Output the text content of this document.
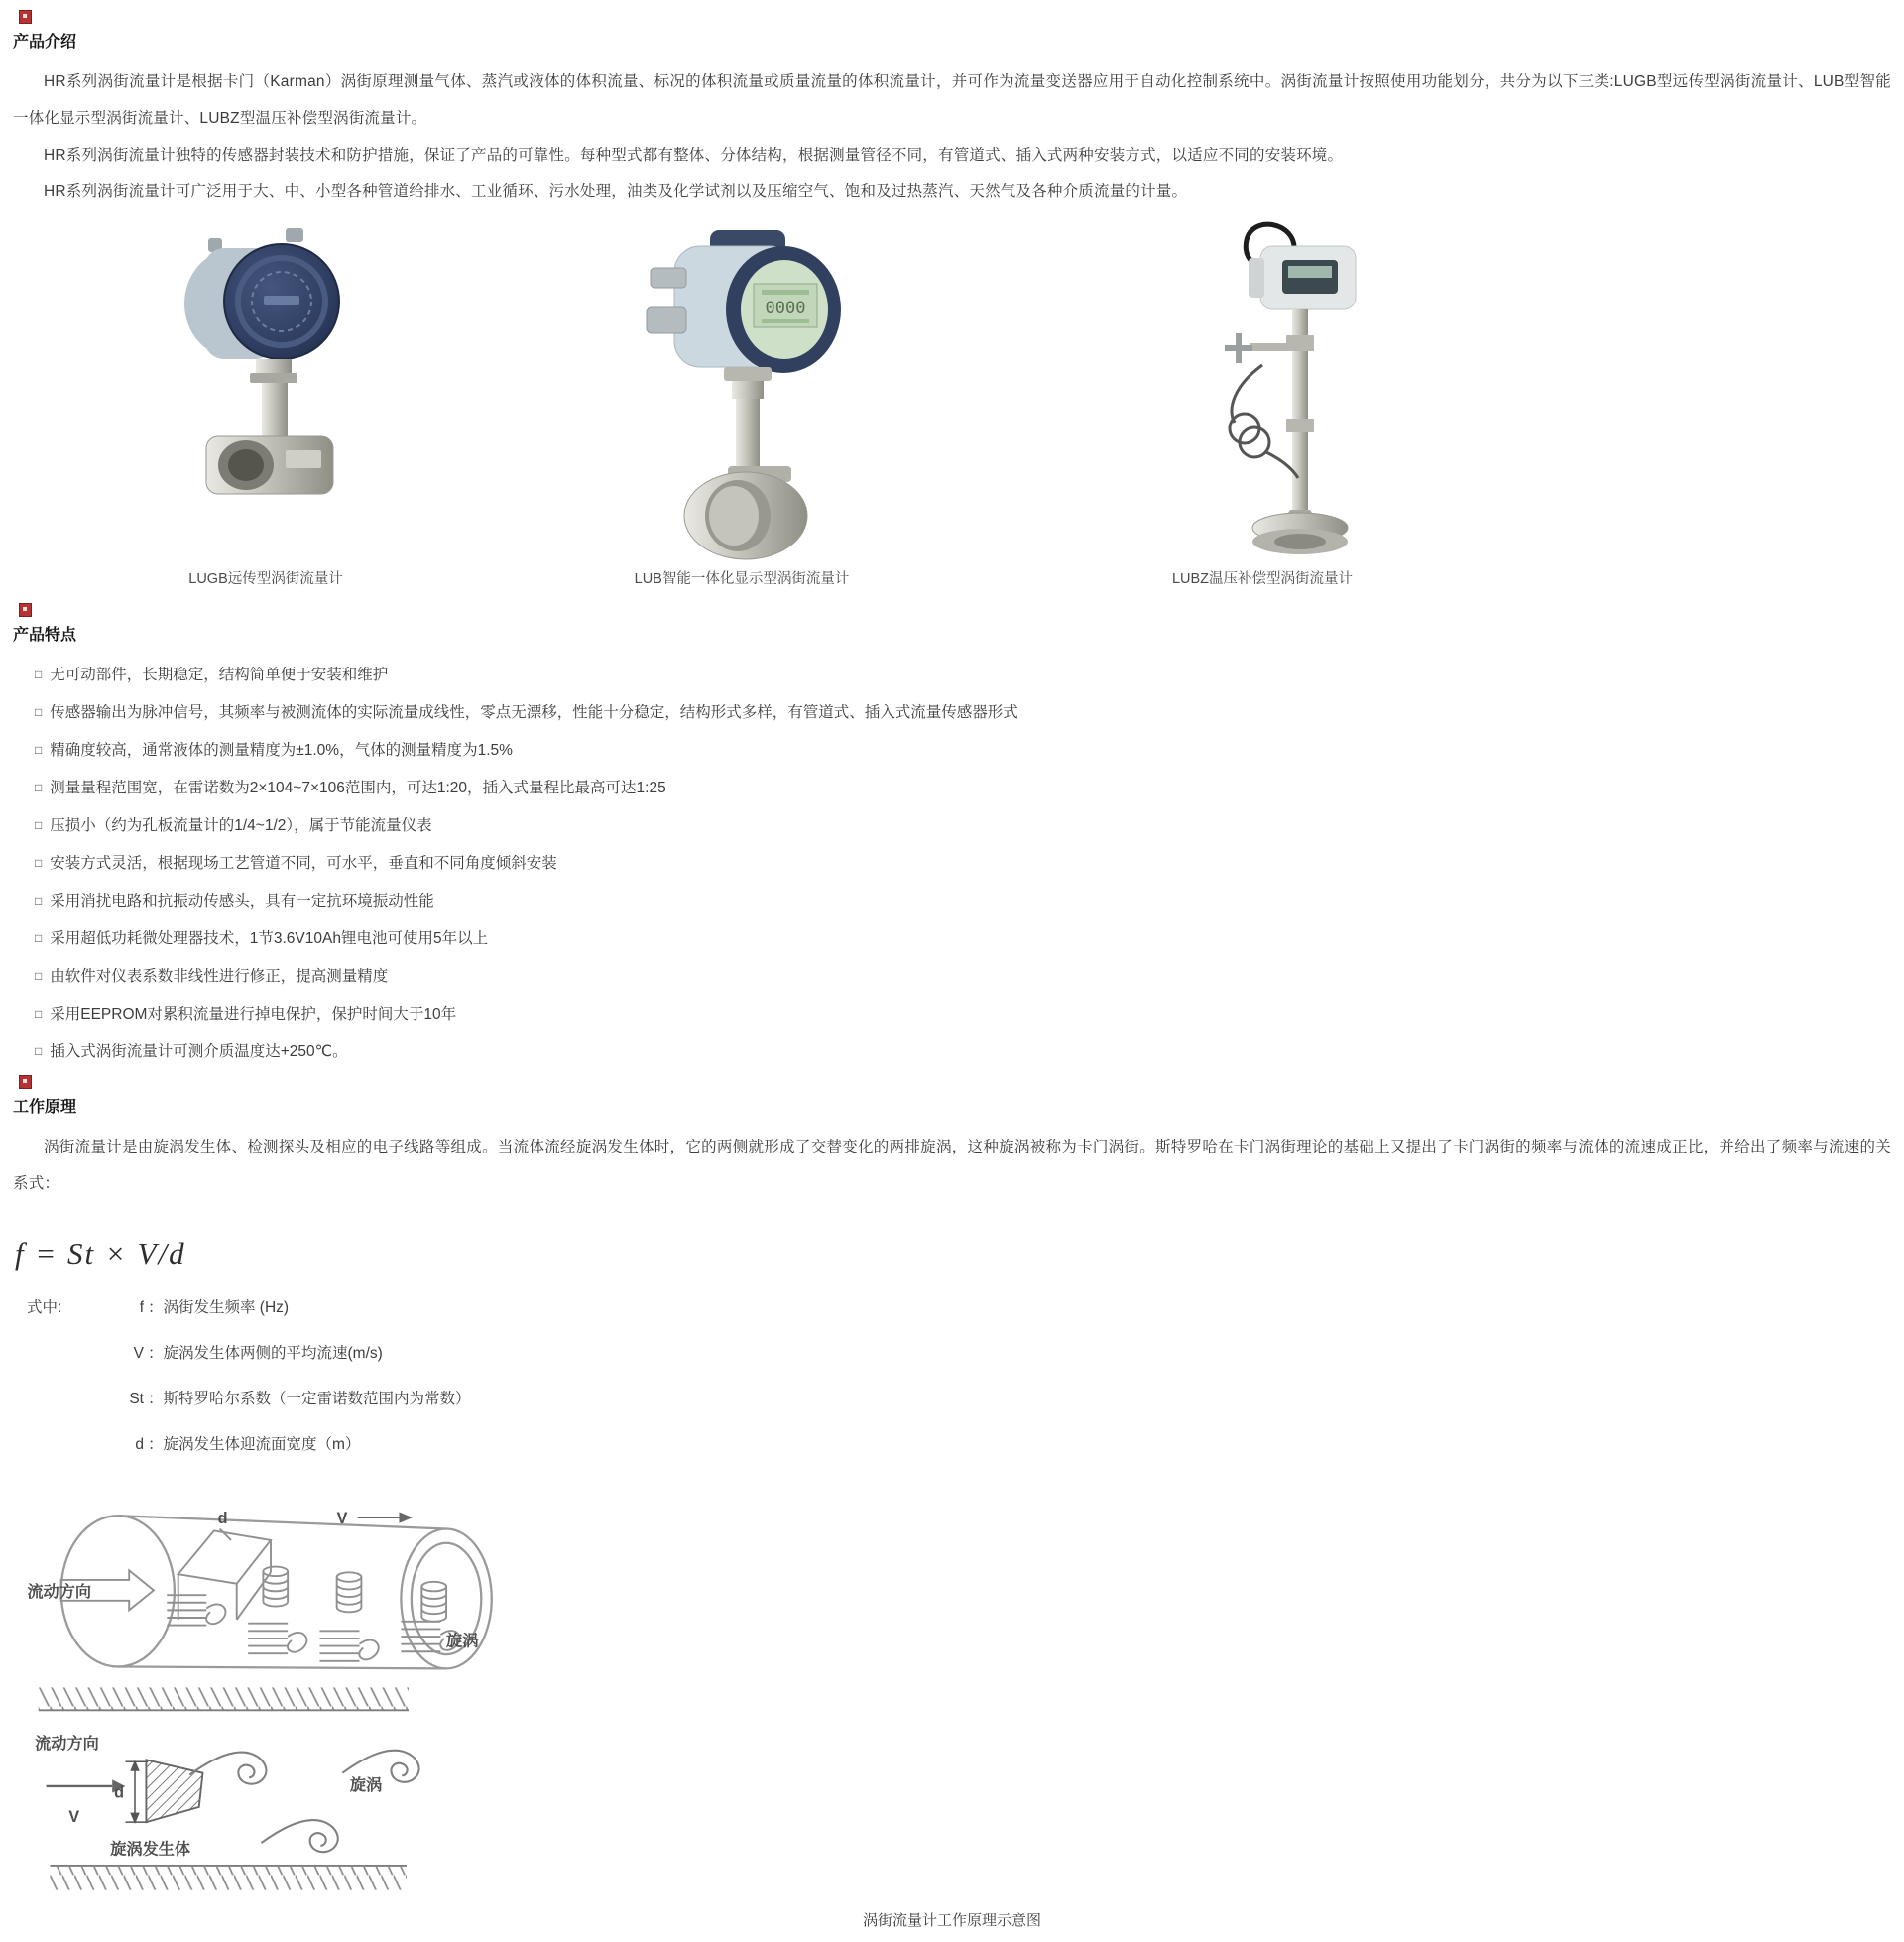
产品介绍

HR系列涡街流量计是根据卡门（Karman）涡街原理测量气体、蒸汽或液体的体积流量、标况的体积流量或质量流量的体积流量计，并可作为流量变送器应用于自动化控制系统中。涡街流量计按照使用功能划分，共分为以下三类:LUGB型远传型涡街流量计、LUB型智能一体化显示型涡街流量计、LUBZ型温压补偿型涡街流量计。

HR系列涡街流量计独特的传感器封装技术和防护措施，保证了产品的可靠性。每种型式都有整体、分体结构，根据测量管径不同，有管道式、插入式两种安装方式，以适应不同的安装环境。

HR系列涡街流量计可广泛用于大、中、小型各种管道给排水、工业循环、污水处理，油类及化学试剂以及压缩空气、饱和及过热蒸汽、天然气及各种介质流量的计量。

LUGB远传型涡街流量计
0000
LUB智能一体化显示型涡街流量计	LUBZ温压补偿型涡街流量计
产品特点
□ 无可动部件，长期稳定，结构简单便于安装和维护
□ 传感器输出为脉冲信号，其频率与被测流体的实际流量成线性，零点无漂移，性能十分稳定，结构形式多样，有管道式、插入式流量传感器形式
□ 精确度较高，通常液体的测量精度为±1.0%，气体的测量精度为1.5%
□ 测量量程范围宽，在雷诺数为2×104~7×106范围内，可达1:20，插入式量程比最高可达1:25
□ 压损小（约为孔板流量计的1/4~1/2），属于节能流量仪表
□ 安装方式灵活，根据现场工艺管道不同，可水平，垂直和不同角度倾斜安装
□ 采用消扰电路和抗振动传感头，具有一定抗环境振动性能
□ 采用超低功耗微处理器技术，1节3.6V10Ah锂电池可使用5年以上
□ 由软件对仪表系数非线性进行修正，提高测量精度
□ 采用EEPROM对累积流量进行掉电保护，保护时间大于10年
□ 插入式涡街流量计可测介质温度达+250℃。
工作原理

涡街流量计是由旋涡发生体、检测探头及相应的电子线路等组成。当流体流经旋涡发生体时，它的两侧就形成了交替变化的两排旋涡，这种旋涡被称为卡门涡街。斯特罗哈在卡门涡街理论的基础上又提出了卡门涡街的频率与流体的流速成正比，并给出了频率与流速的关系式：

f = St × V/d
式中:	f ：涡街发生频率 (Hz)
V ：旋涡发生体两侧的平均流速(m/s)
St ：斯特罗哈尔系数（一定雷诺数范围内为常数）
d ：旋涡发生体迎流面宽度（m）
流动方向
d	V
旋涡
流动方向
V
d
旋涡发生体
旋涡
涡街流量计工作原理示意图
